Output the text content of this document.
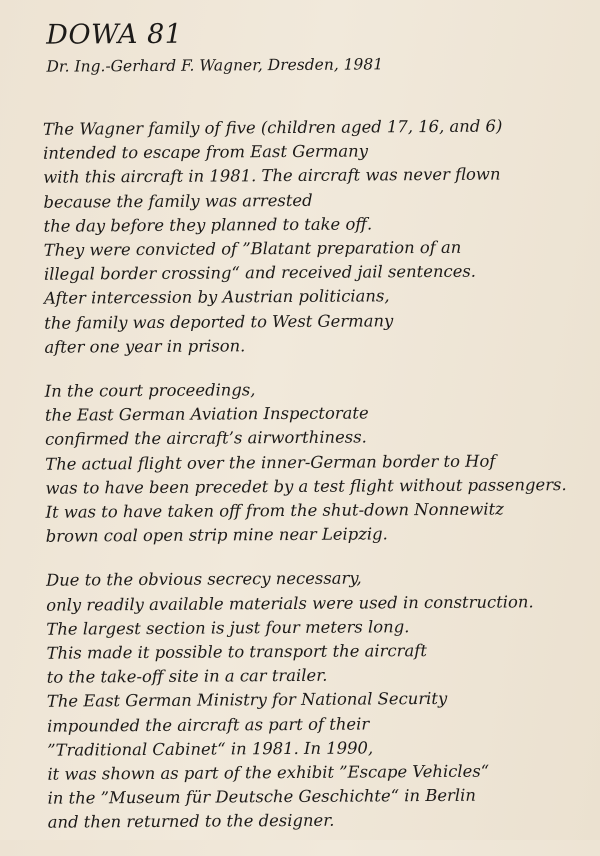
DOWA 81

Dr. Ing.-Gerhard F. Wagner, Dresden, 1981

The Wagner family of five (children aged 17, 16, and 6)
intended to escape from East Germany
with this aircraft in 1981. The aircraft was never flown
because the family was arrested
the day before they planned to take off.
They were convicted of ”Blatant preparation of an
illegal border crossing“ and received jail sentences.
After intercession by Austrian politicians,
the family was deported to West Germany
after one year in prison.

In the court proceedings,
the East German Aviation Inspectorate
confirmed the aircraft’s airworthiness.
The actual flight over the inner-German border to Hof
was to have been precedet by a test flight without passengers.
It was to have taken off from the shut-down Nonnewitz
brown coal open strip mine near Leipzig.

Due to the obvious secrecy necessary,
only readily available materials were used in construction.
The largest section is just four meters long.
This made it possible to transport the aircraft
to the take-off site in a car trailer.
The East German Ministry for National Security
impounded the aircraft as part of their
”Traditional Cabinet“ in 1981. In 1990,
it was shown as part of the exhibit ”Escape Vehicles“
in the ”Museum für Deutsche Geschichte“ in Berlin
and then returned to the designer.
